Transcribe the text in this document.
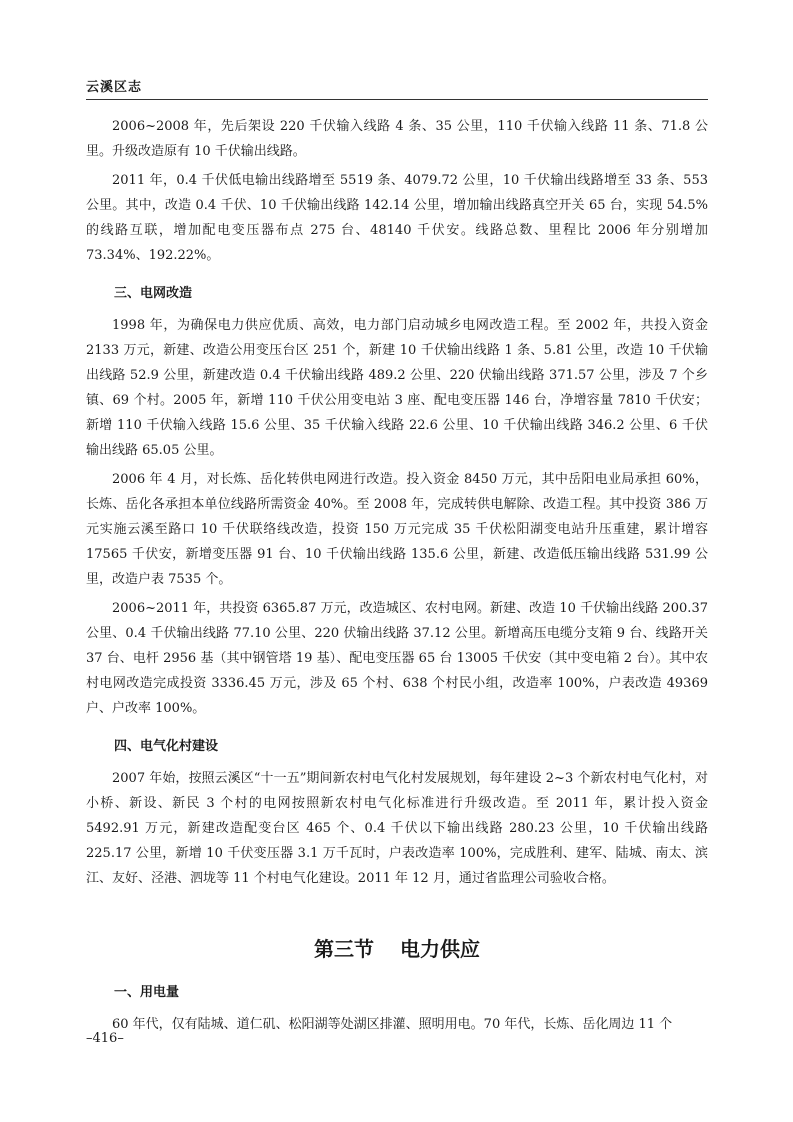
云溪区志

2006~2008 年，先后架设 220 千伏输入线路 4 条、35 公里，110 千伏输入线路 11 条、71.8 公里。升级改造原有 10 千伏输出线路。

2011 年，0.4 千伏低电输出线路增至 5519 条、4079.72 公里，10 千伏输出线路增至 33 条、553 公里。其中，改造 0.4 千伏、10 千伏输出线路 142.14 公里，增加输出线路真空开关 65 台，实现 54.5% 的线路互联，增加配电变压器布点 275 台、48140 千伏安。线路总数、里程比 2006 年分别增加 73.34%、192.22%。

三、电网改造

1998 年，为确保电力供应优质、高效，电力部门启动城乡电网改造工程。至 2002 年，共投入资金 2133 万元，新建、改造公用变压台区 251 个，新建 10 千伏输出线路 1 条、5.81 公里，改造 10 千伏输出线路 52.9 公里，新建改造 0.4 千伏输出线路 489.2 公里、220 伏输出线路 371.57 公里，涉及 7 个乡镇、69 个村。2005 年，新增 110 千伏公用变电站 3 座、配电变压器 146 台，净增容量 7810 千伏安；新增 110 千伏输入线路 15.6 公里、35 千伏输入线路 22.6 公里、10 千伏输出线路 346.2 公里、6 千伏输出线路 65.05 公里。

2006 年 4 月，对长炼、岳化转供电网进行改造。投入资金 8450 万元，其中岳阳电业局承担 60%，长炼、岳化各承担本单位线路所需资金 40%。至 2008 年，完成转供电解除、改造工程。其中投资 386 万元实施云溪至路口 10 千伏联络线改造，投资 150 万元完成 35 千伏松阳湖变电站升压重建，累计增容 17565 千伏安，新增变压器 91 台、10 千伏输出线路 135.6 公里，新建、改造低压输出线路 531.99 公里，改造户表 7535 个。

2006~2011 年，共投资 6365.87 万元，改造城区、农村电网。新建、改造 10 千伏输出线路 200.37 公里、0.4 千伏输出线路 77.10 公里、220 伏输出线路 37.12 公里。新增高压电缆分支箱 9 台、线路开关 37 台、电杆 2956 基（其中钢管塔 19 基）、配电变压器 65 台 13005 千伏安（其中变电箱 2 台）。其中农村电网改造完成投资 3336.45 万元，涉及 65 个村、638 个村民小组，改造率 100%，户表改造 49369 户、户改率 100%。

四、电气化村建设

2007 年始，按照云溪区“十一五”期间新农村电气化村发展规划，每年建设 2~3 个新农村电气化村，对小桥、新设、新民 3 个村的电网按照新农村电气化标准进行升级改造。至 2011 年，累计投入资金 5492.91 万元，新建改造配变台区 465 个、0.4 千伏以下输出线路 280.23 公里，10 千伏输出线路 225.17 公里，新增 10 千伏变压器 3.1 万千瓦时，户表改造率 100%，完成胜利、建军、陆城、南太、滨江、友好、泾港、泗垅等 11 个村电气化建设。2011 年 12 月，通过省监理公司验收合格。

第三节 电力供应
一、用电量

60 年代，仅有陆城、道仁矶、松阳湖等处湖区排灌、照明用电。70 年代，长炼、岳化周边 11 个

–416–
